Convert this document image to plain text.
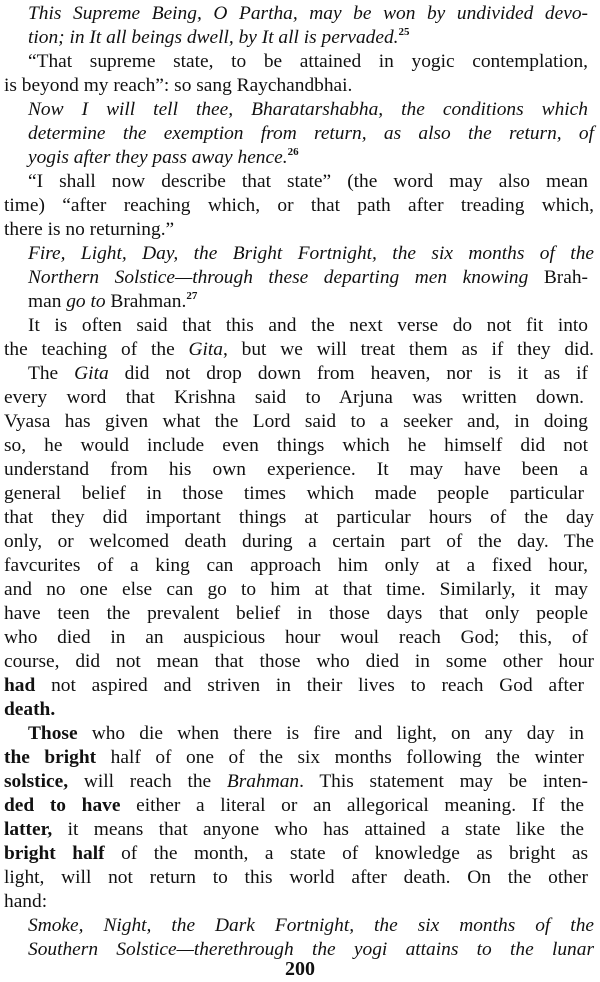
This Supreme Being, O Partha, may be won by undivided devo-
tion; in It all beings dwell, by It all is pervaded.$^{25}$
“That supreme state, to be attained in yogic contemplation,
is beyond my reach”: so sang Raychandbhai.
Now I will tell thee, Bharatarshabha, the conditions which
determine the exemption from return, as also the return, of
yogis after they pass away hence.$^{26}$
“I shall now describe that state” (the word may also mean
time) “after reaching which, or that path after treading which,
there is no returning.”
Fire, Light, Day, the Bright Fortnight, the six months of the
Northern Solstice—through these departing men knowing Brah-
man go to Brahman.$^{27}$
It is often said that this and the next verse do not fit into
the teaching of the Gita, but we will treat them as if they did.
The Gita did not drop down from heaven, nor is it as if
every word that Krishna said to Arjuna was written down.
Vyasa has given what the Lord said to a seeker and, in doing
so, he would include even things which he himself did not
understand from his own experience. It may have been a
general belief in those times which made people particular
that they did important things at particular hours of the day
only, or welcomed death during a certain part of the day. The
favcurites of a king can approach him only at a fixed hour,
and no one else can go to him at that time. Similarly, it may
have teen the prevalent belief in those days that only people
who died in an auspicious hour woul reach God; this, of
course, did not mean that those who died in some other hour
had not aspired and striven in their lives to reach God after
death.
Those who die when there is fire and light, on any day in
the bright half of one of the six months following the winter
solstice, will reach the Brahman. This statement may be inten-
ded to have either a literal or an allegorical meaning. If the
latter, it means that anyone who has attained a state like the
bright half of the month, a state of knowledge as bright as
light, will not return to this world after death. On the other
hand:
Smoke, Night, the Dark Fortnight, the six months of the
Southern Solstice—therethrough the yogi attains to the lunar
200
